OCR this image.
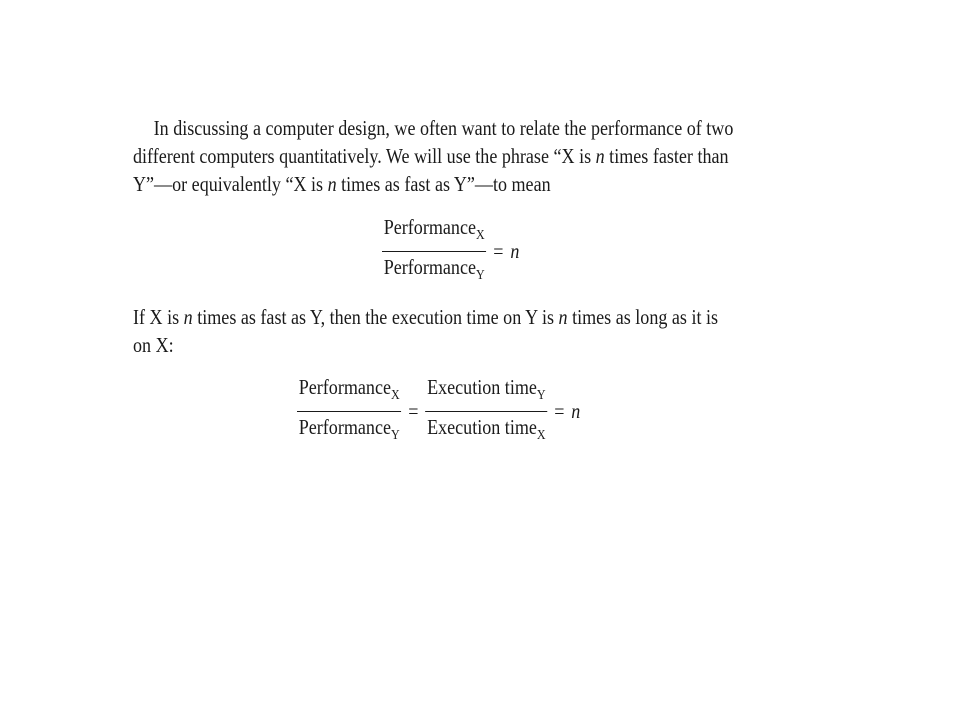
In discussing a computer design, we often want to relate the performance of two
different computers quantitatively. We will use the phrase “X is n times faster than
Y”—or equivalently “X is n times as fast as Y”—to mean
$\frac{Performance_X}{Performance_Y} = n$
If X is n times as fast as Y, then the execution time on Y is n times as long as it is
on X:
$\frac{Performance_X}{Performance_Y} = \frac{Execution time_Y}{Execution time_X} = n$
